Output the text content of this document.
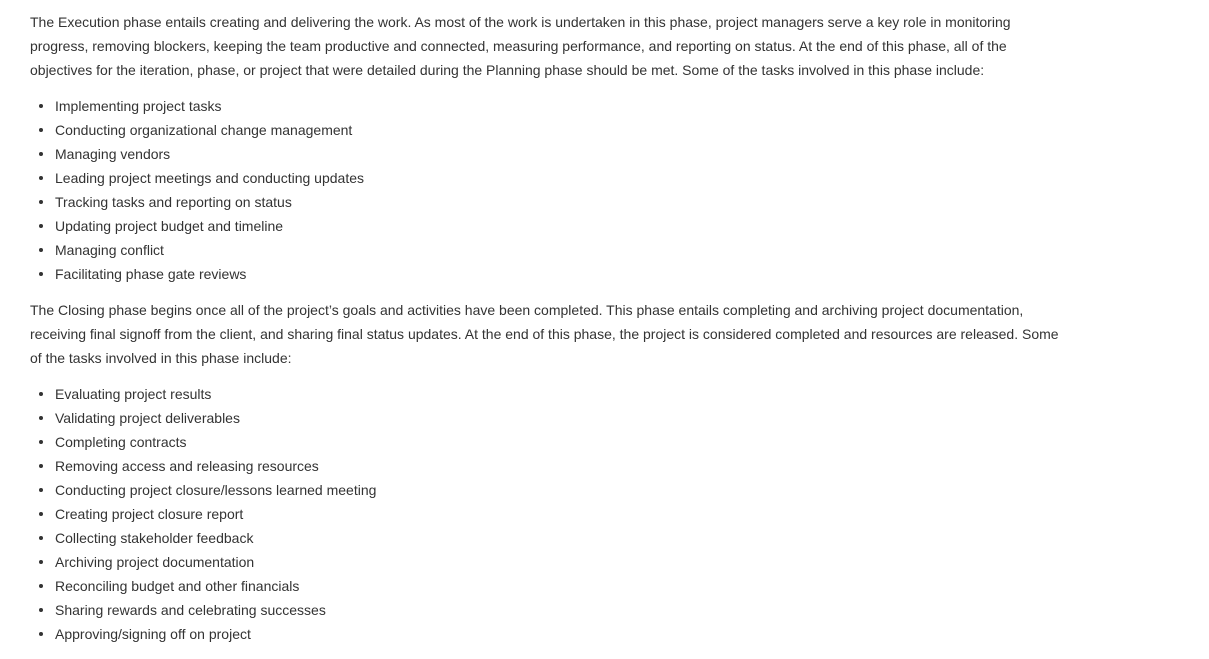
The Execution phase entails creating and delivering the work. As most of the work is undertaken in this phase, project managers serve a key role in monitoring progress, removing blockers, keeping the team productive and connected, measuring performance, and reporting on status. At the end of this phase, all of the objectives for the iteration, phase, or project that were detailed during the Planning phase should be met. Some of the tasks involved in this phase include:

Implementing project tasks
Conducting organizational change management
Managing vendors
Leading project meetings and conducting updates
Tracking tasks and reporting on status
Updating project budget and timeline
Managing conflict
Facilitating phase gate reviews

The Closing phase begins once all of the project’s goals and activities have been completed. This phase entails completing and archiving project documentation, receiving final signoff from the client, and sharing final status updates. At the end of this phase, the project is considered completed and resources are released. Some of the tasks involved in this phase include:

Evaluating project results
Validating project deliverables
Completing contracts
Removing access and releasing resources
Conducting project closure/lessons learned meeting
Creating project closure report
Collecting stakeholder feedback
Archiving project documentation
Reconciling budget and other financials
Sharing rewards and celebrating successes
Approving/signing off on project
